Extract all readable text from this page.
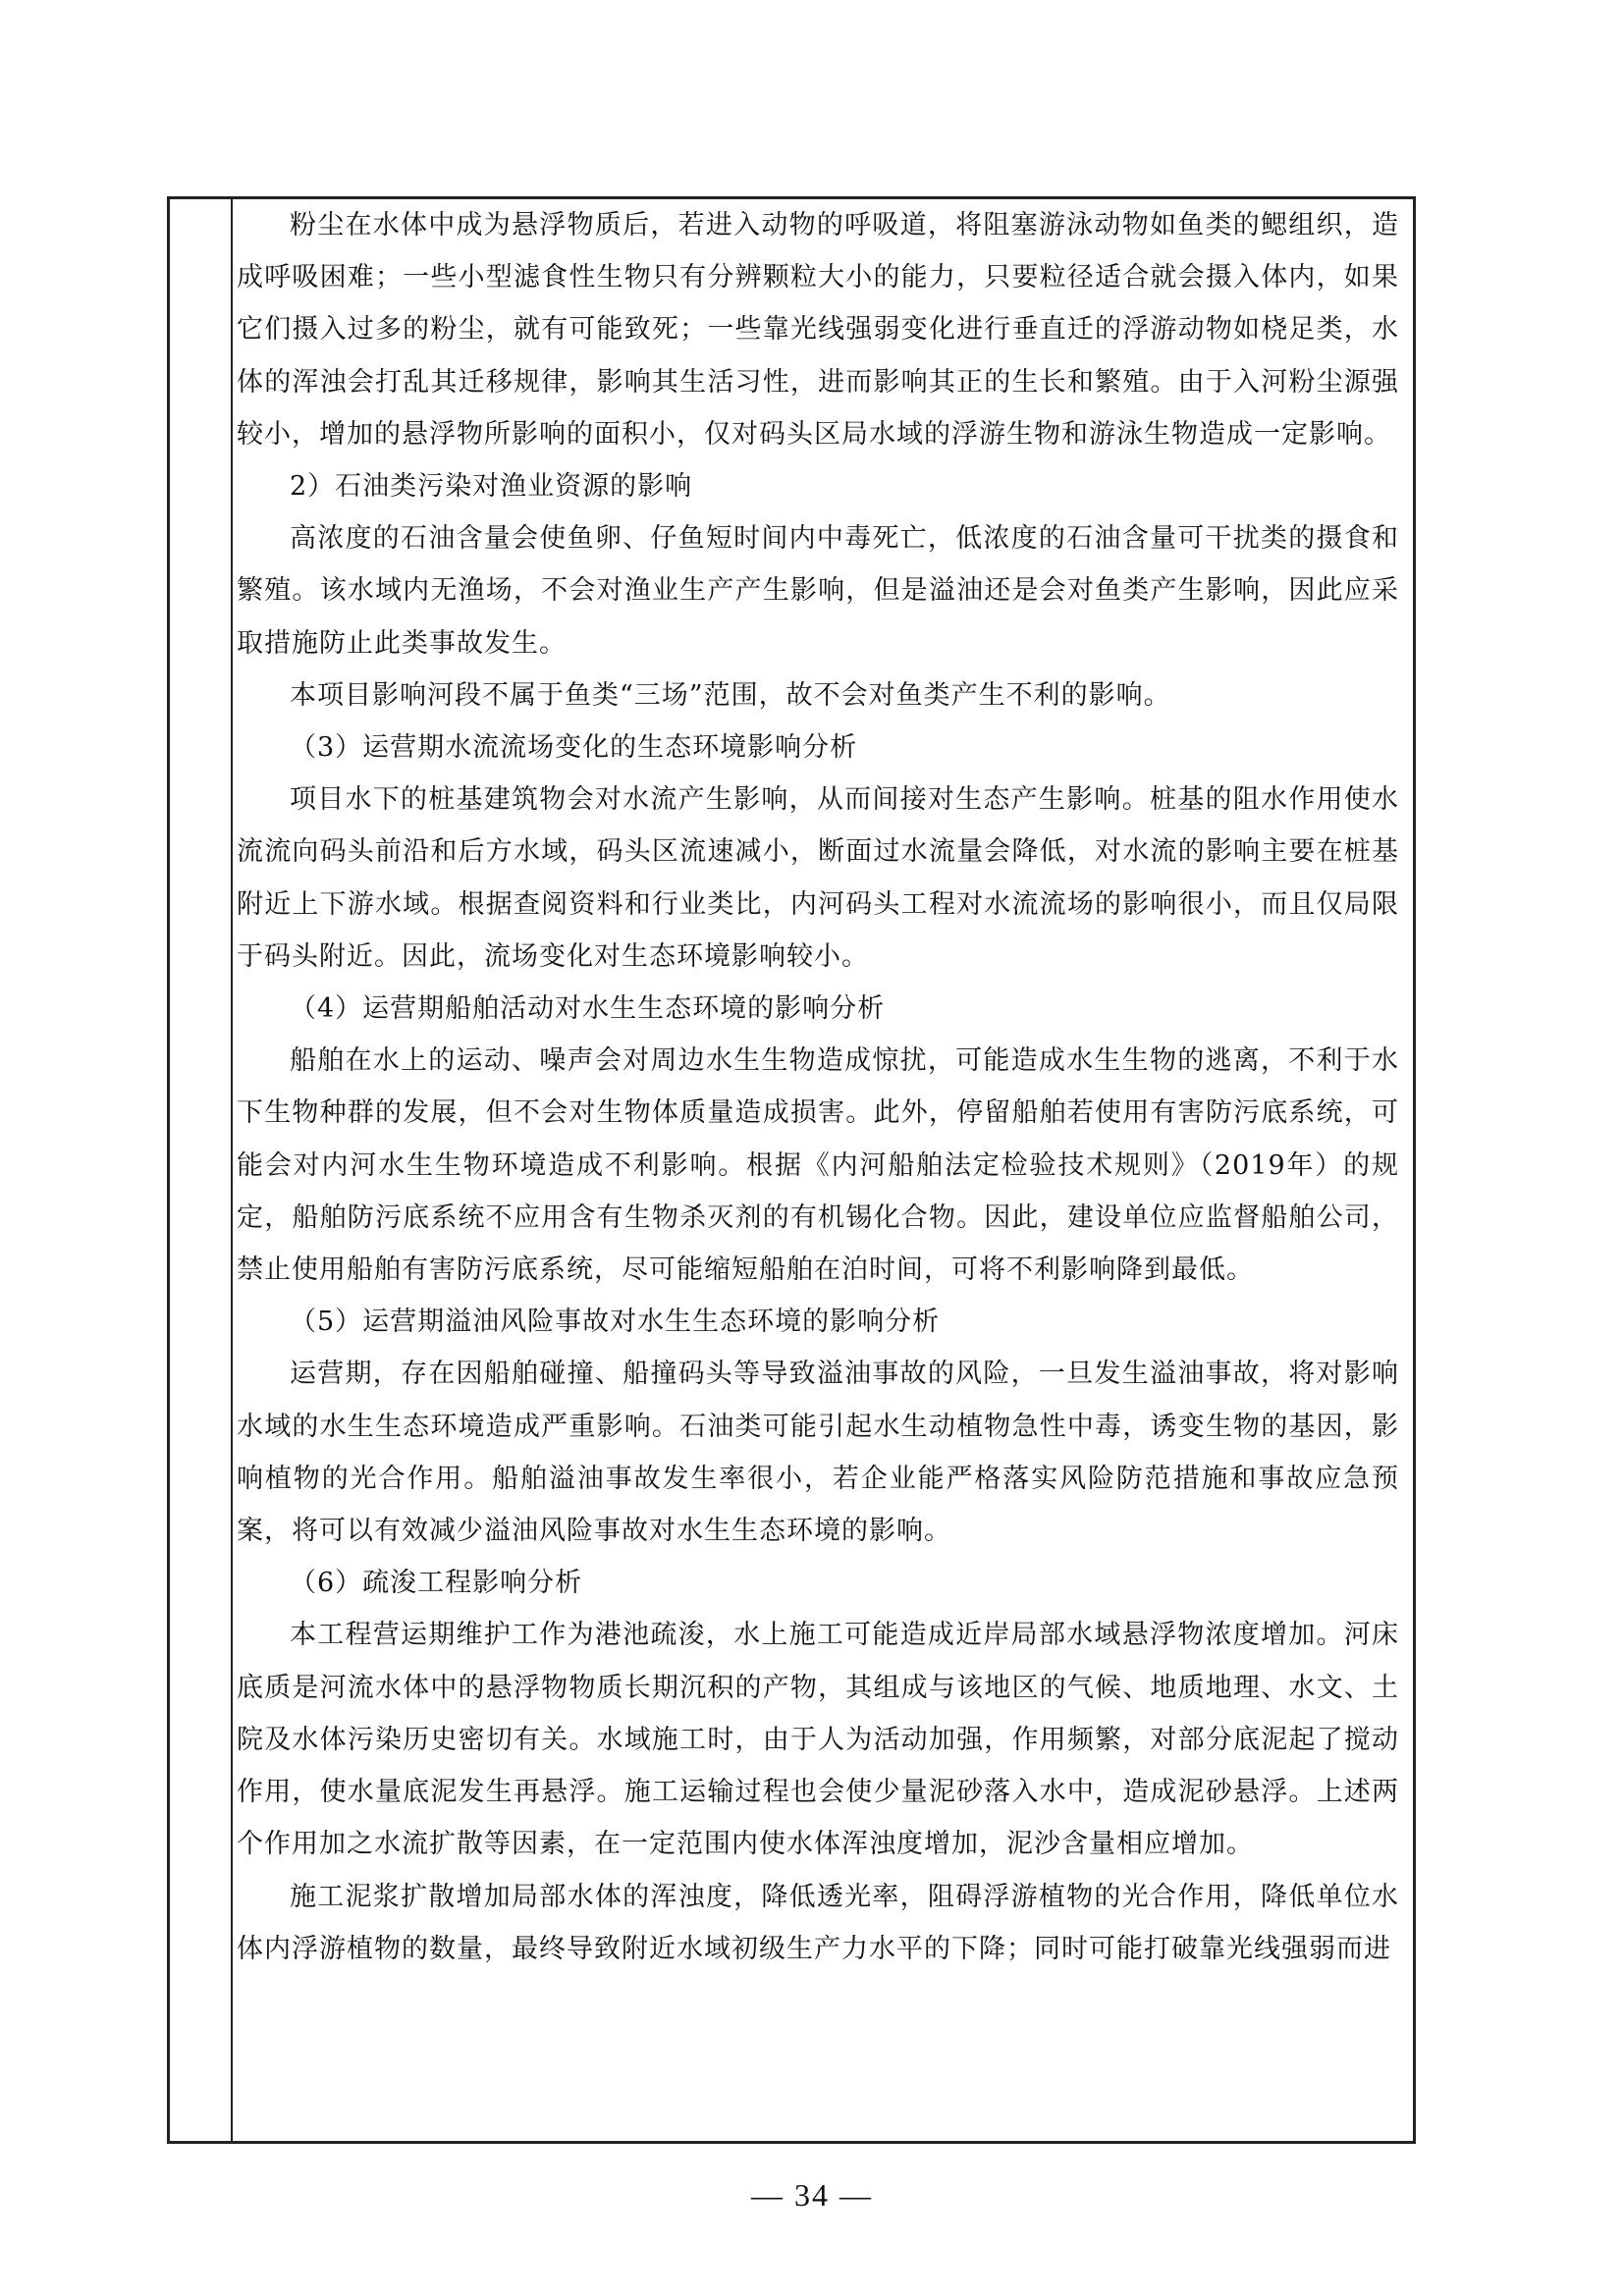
粉尘在水体中成为悬浮物质后，若进入动物的呼吸道，将阻塞游泳动物如鱼类的鳃组织，造成呼吸困难；一些小型滤食性生物只有分辨颗粒大小的能力，只要粒径适合就会摄入体内，如果它们摄入过多的粉尘，就有可能致死；一些靠光线强弱变化进行垂直迁的浮游动物如桡足类，水体的浑浊会打乱其迁移规律，影响其生活习性，进而影响其正的生长和繁殖。由于入河粉尘源强较小，增加的悬浮物所影响的面积小，仅对码头区局水域的浮游生物和游泳生物造成一定影响。

2）石油类污染对渔业资源的影响

高浓度的石油含量会使鱼卵、仔鱼短时间内中毒死亡，低浓度的石油含量可干扰类的摄食和繁殖。该水域内无渔场，不会对渔业生产产生影响，但是溢油还是会对鱼类产生影响，因此应采取措施防止此类事故发生。

本项目影响河段不属于鱼类“三场”范围，故不会对鱼类产生不利的影响。

（3）运营期水流流场变化的生态环境影响分析

项目水下的桩基建筑物会对水流产生影响，从而间接对生态产生影响。桩基的阻水作用使水流流向码头前沿和后方水域，码头区流速减小，断面过水流量会降低，对水流的影响主要在桩基附近上下游水域。根据查阅资料和行业类比，内河码头工程对水流流场的影响很小，而且仅局限于码头附近。因此，流场变化对生态环境影响较小。

（4）运营期船舶活动对水生生态环境的影响分析

船舶在水上的运动、噪声会对周边水生生物造成惊扰，可能造成水生生物的逃离，不利于水下生物种群的发展，但不会对生物体质量造成损害。此外，停留船舶若使用有害防污底系统，可能会对内河水生生物环境造成不利影响。根据《内河船舶法定检验技术规则》（2019年）的规定，船舶防污底系统不应用含有生物杀灭剂的有机锡化合物。因此，建设单位应监督船舶公司，禁止使用船舶有害防污底系统，尽可能缩短船舶在泊时间，可将不利影响降到最低。

（5）运营期溢油风险事故对水生生态环境的影响分析

运营期，存在因船舶碰撞、船撞码头等导致溢油事故的风险，一旦发生溢油事故，将对影响水域的水生生态环境造成严重影响。石油类可能引起水生动植物急性中毒，诱变生物的基因，影响植物的光合作用。船舶溢油事故发生率很小，若企业能严格落实风险防范措施和事故应急预案，将可以有效减少溢油风险事故对水生生态环境的影响。

（6）疏浚工程影响分析

本工程营运期维护工作为港池疏浚，水上施工可能造成近岸局部水域悬浮物浓度增加。河床底质是河流水体中的悬浮物物质长期沉积的产物，其组成与该地区的气候、地质地理、水文、土院及水体污染历史密切有关。水域施工时，由于人为活动加强，作用频繁，对部分底泥起了搅动作用，使水量底泥发生再悬浮。施工运输过程也会使少量泥砂落入水中，造成泥砂悬浮。上述两个作用加之水流扩散等因素，在一定范围内使水体浑浊度增加，泥沙含量相应增加。

施工泥浆扩散增加局部水体的浑浊度，降低透光率，阻碍浮游植物的光合作用，降低单位水体内浮游植物的数量，最终导致附近水域初级生产力水平的下降；同时可能打破靠光线强弱而进

— 34 —
